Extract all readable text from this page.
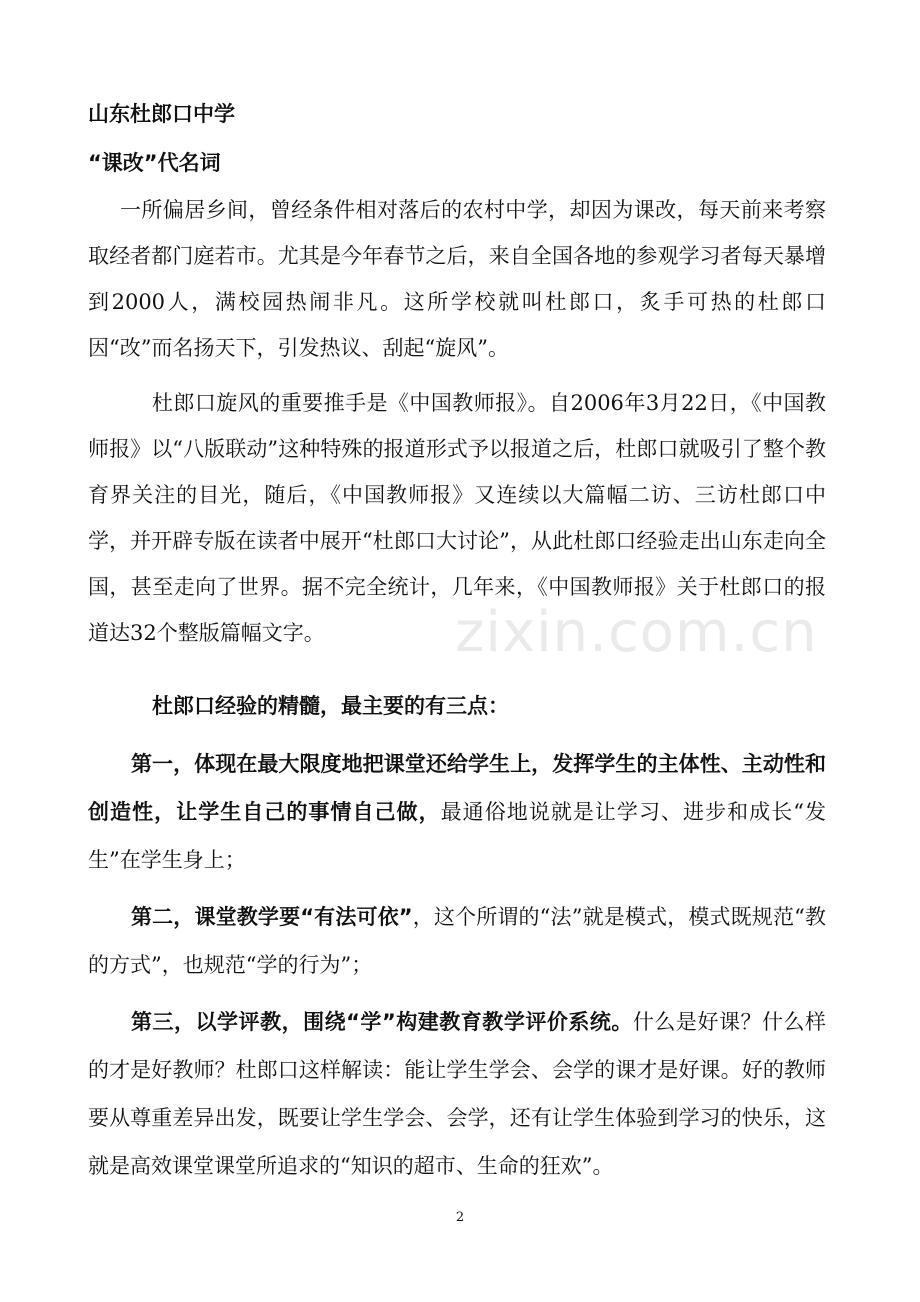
山东杜郎口中学
“课改”代名词

一所偏居乡间，曾经条件相对落后的农村中学，却因为课改，每天前来考察取经者都门庭若市。尤其是今年春节之后，来自全国各地的参观学习者每天暴增到2000人，满校园热闹非凡。这所学校就叫杜郎口，炙手可热的杜郎口因“改”而名扬天下，引发热议、刮起“旋风”。

杜郎口旋风的重要推手是《中国教师报》。自2006年3月22日，《中国教师报》以“八版联动”这种特殊的报道形式予以报道之后，杜郎口就吸引了整个教育界关注的目光，随后，《中国教师报》又连续以大篇幅二访、三访杜郎口中学，并开辟专版在读者中展开“杜郎口大讨论”，从此杜郎口经验走出山东走向全国，甚至走向了世界。据不完全统计，几年来，《中国教师报》关于杜郎口的报道达32个整版篇幅文字。

杜郎口经验的精髓，最主要的有三点：

第一，体现在最大限度地把课堂还给学生上，发挥学生的主体性、主动性和创造性，让学生自己的事情自己做，最通俗地说就是让学习、进步和成长“发生”在学生身上；

第二，课堂教学要“有法可依”，这个所谓的“法”就是模式，模式既规范“教的方式”，也规范“学的行为”；

第三，以学评教，围绕“学”构建教育教学评价系统。什么是好课？什么样的才是好教师？杜郎口这样解读：能让学生学会、会学的课才是好课。好的教师要从尊重差异出发，既要让学生学会、会学，还有让学生体验到学习的快乐，这就是高效课堂课堂所追求的“知识的超市、生命的狂欢”。

zixin.com.cn
2
